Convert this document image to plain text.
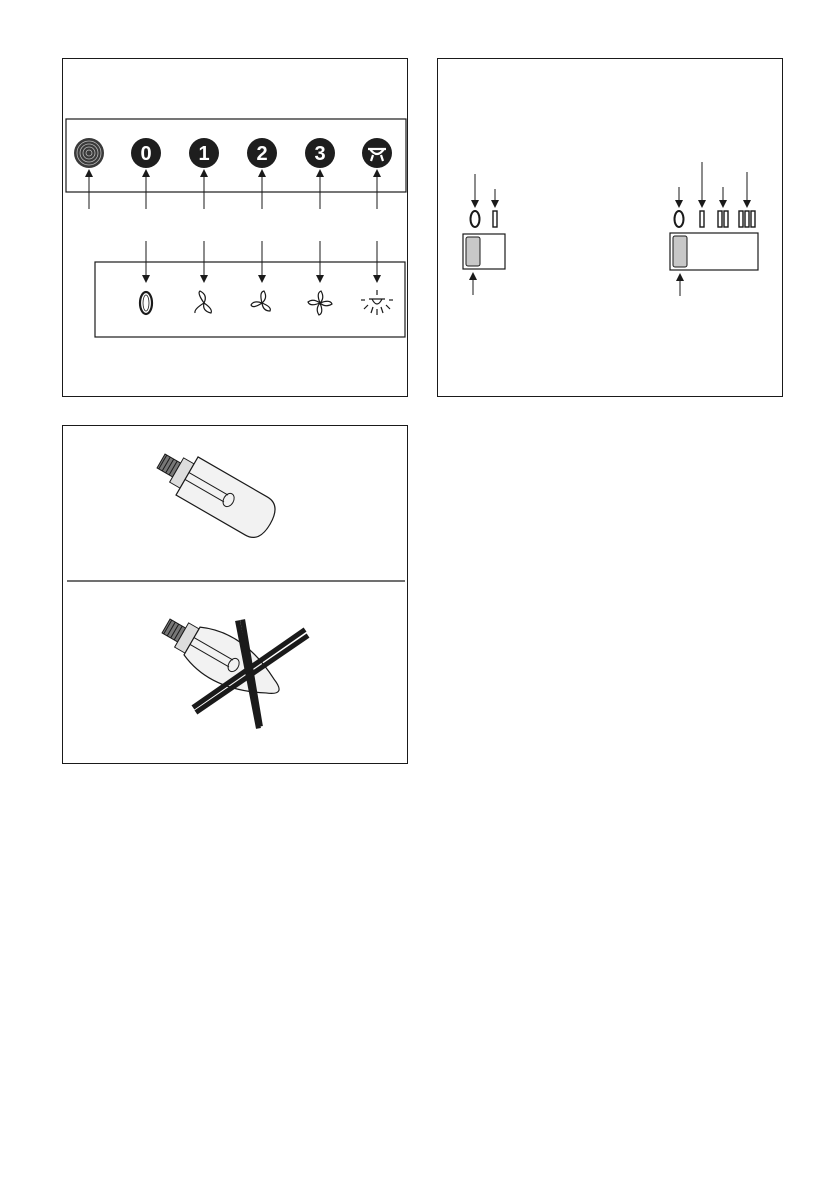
0 1 2 3
